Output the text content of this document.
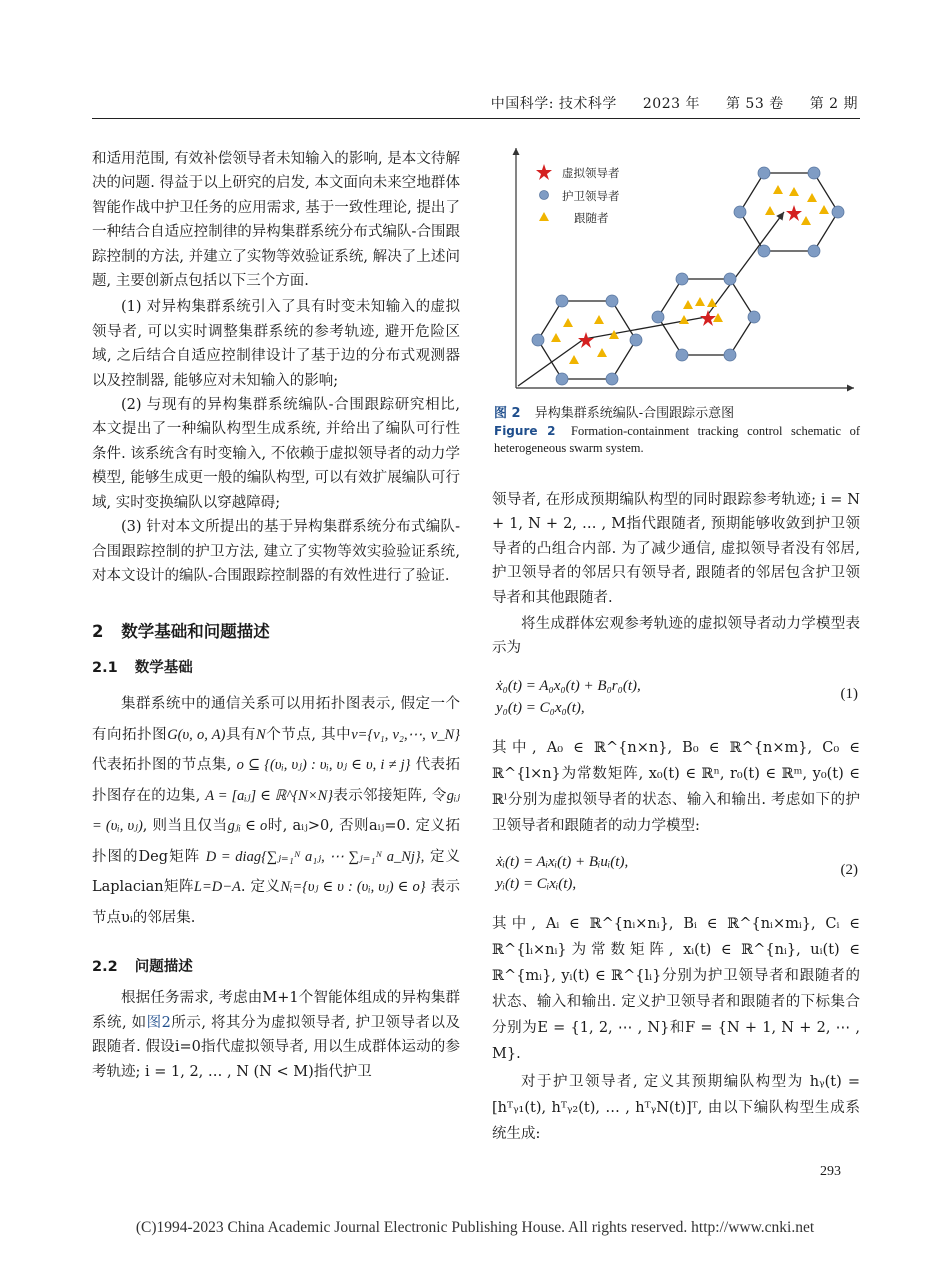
中国科学: 技术科学 2023 年 第 53 卷 第 2 期

和适用范围, 有效补偿领导者未知输入的影响, 是本文待解决的问题. 得益于以上研究的启发, 本文面向未来空地群体智能作战中护卫任务的应用需求, 基于一致性理论, 提出了一种结合自适应控制律的异构集群系统分布式编队-合围跟踪控制的方法, 并建立了实物等效验证系统, 解决了上述问题, 主要创新点包括以下三个方面.

(1) 对异构集群系统引入了具有时变未知输入的虚拟领导者, 可以实时调整集群系统的参考轨迹, 避开危险区域, 之后结合自适应控制律设计了基于边的分布式观测器以及控制器, 能够应对未知输入的影响;

(2) 与现有的异构集群系统编队-合围跟踪研究相比, 本文提出了一种编队构型生成系统, 并给出了编队可行性条件. 该系统含有时变输入, 不依赖于虚拟领导者的动力学模型, 能够生成更一般的编队构型, 可以有效扩展编队可行域, 实时变换编队以穿越障碍;

(3) 针对本文所提出的基于异构集群系统分布式编队-合围跟踪控制的护卫方法, 建立了实物等效实验验证系统, 对本文设计的编队-合围跟踪控制器的有效性进行了验证.

2 数学基础和问题描述
2.1 数学基础

集群系统中的通信关系可以用拓扑图表示, 假定一个有向拓扑图G(υ, o, A)具有N个节点, 其中v={v₁, v₂,⋯, v_N}代表拓扑图的节点集, o ⊆ {(υᵢ, υⱼ) : υᵢ, υⱼ ∈ υ, i ≠ j} 代表拓扑图存在的边集, A = [aᵢⱼ] ∈ ℝ^{N×N}表示邻接矩阵, 令gᵢⱼ = (υᵢ, υⱼ), 则当且仅当gⱼᵢ ∈ o时, aᵢⱼ>0, 否则aᵢⱼ=0. 定义拓扑图的Deg矩阵 D = diag{∑ⱼ₌₁ᴺ a₁ⱼ, ⋯ ∑ⱼ₌₁ᴺ a_Nj}, 定义Laplacian矩阵L=D−A. 定义Nᵢ={υⱼ ∈ υ : (υᵢ, υⱼ) ∈ o} 表示节点υᵢ的邻居集.

2.2 问题描述

根据任务需求, 考虑由M+1个智能体组成的异构集群系统, 如图2所示, 将其分为虚拟领导者, 护卫领导者以及跟随者. 假设i=0指代虚拟领导者, 用以生成群体运动的参考轨迹; i = 1, 2, … , N (N < M)指代护卫

虚拟领导者
护卫领导者
跟随者
图 2 异构集群系统编队-合围跟踪示意图
Figure 2 Formation-containment tracking control schematic of heterogeneous swarm system.

领导者, 在形成预期编队构型的同时跟踪参考轨迹; i = N + 1, N + 2, … , M指代跟随者, 预期能够收敛到护卫领导者的凸组合内部. 为了减少通信, 虚拟领导者没有邻居, 护卫领导者的邻居只有领导者, 跟随者的邻居包含护卫领导者和其他跟随者.

将生成群体宏观参考轨迹的虚拟领导者动力学模型表示为

ẋ₀(t) = A₀x₀(t) + B₀r₀(t),
y₀(t) = C₀x₀(t),
(1)

其中, A₀ ∈ ℝ^{n×n}, B₀ ∈ ℝ^{n×m}, C₀ ∈ ℝ^{l×n}为常数矩阵, x₀(t) ∈ ℝⁿ, r₀(t) ∈ ℝᵐ, y₀(t) ∈ ℝˡ分别为虚拟领导者的状态、输入和输出. 考虑如下的护卫领导者和跟随者的动力学模型:

ẋᵢ(t) = Aᵢxᵢ(t) + Bᵢuᵢ(t),
yᵢ(t) = Cᵢxᵢ(t),
(2)

其中, Aᵢ ∈ ℝ^{nᵢ×nᵢ}, Bᵢ ∈ ℝ^{nᵢ×mᵢ}, Cᵢ ∈ ℝ^{lᵢ×nᵢ}为常数矩阵, xᵢ(t) ∈ ℝ^{nᵢ}, uᵢ(t) ∈ ℝ^{mᵢ}, yᵢ(t) ∈ ℝ^{lᵢ}分别为护卫领导者和跟随者的状态、输入和输出. 定义护卫领导者和跟随者的下标集合分别为E = {1, 2, ⋯ , N}和F = {N + 1, N + 2, ⋯ , M}.

对于护卫领导者, 定义其预期编队构型为 hᵧ(t) = [hᵀᵧ₁(t), hᵀᵧ₂(t), … , hᵀᵧN(t)]ᵀ, 由以下编队构型生成系统生成:

293
(C)1994-2023 China Academic Journal Electronic Publishing House. All rights reserved. http://www.cnki.net
